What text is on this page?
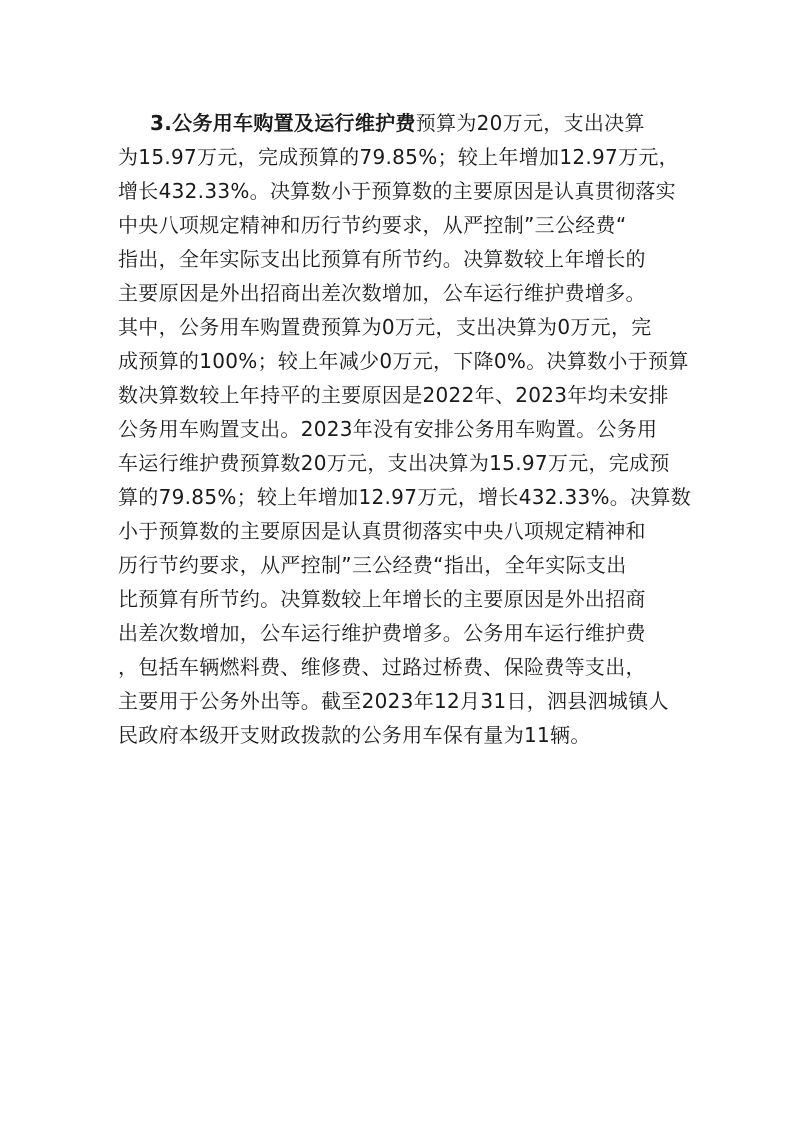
3.公务用车购置及运行维护费预算为20万元，支出决算
为15.97万元，完成预算的79.85%；较上年增加12.97万元，
增长432.33%。决算数小于预算数的主要原因是认真贯彻落实
中央八项规定精神和历行节约要求，从严控制”三公经费“
指出，全年实际支出比预算有所节约。决算数较上年增长的
主要原因是外出招商出差次数增加，公车运行维护费增多。
其中，公务用车购置费预算为0万元，支出决算为0万元，完
成预算的100%；较上年减少0万元，下降0%。决算数小于预算
数决算数较上年持平的主要原因是2022年、2023年均未安排
公务用车购置支出。2023年没有安排公务用车购置。公务用
车运行维护费预算数20万元，支出决算为15.97万元，完成预
算的79.85%；较上年增加12.97万元，增长432.33%。决算数
小于预算数的主要原因是认真贯彻落实中央八项规定精神和
历行节约要求，从严控制”三公经费“指出，全年实际支出
比预算有所节约。决算数较上年增长的主要原因是外出招商
出差次数增加，公车运行维护费增多。公务用车运行维护费
，包括车辆燃料费、维修费、过路过桥费、保险费等支出，
主要用于公务外出等。截至2023年12月31日，泗县泗城镇人
民政府本级开支财政拨款的公务用车保有量为11辆。
